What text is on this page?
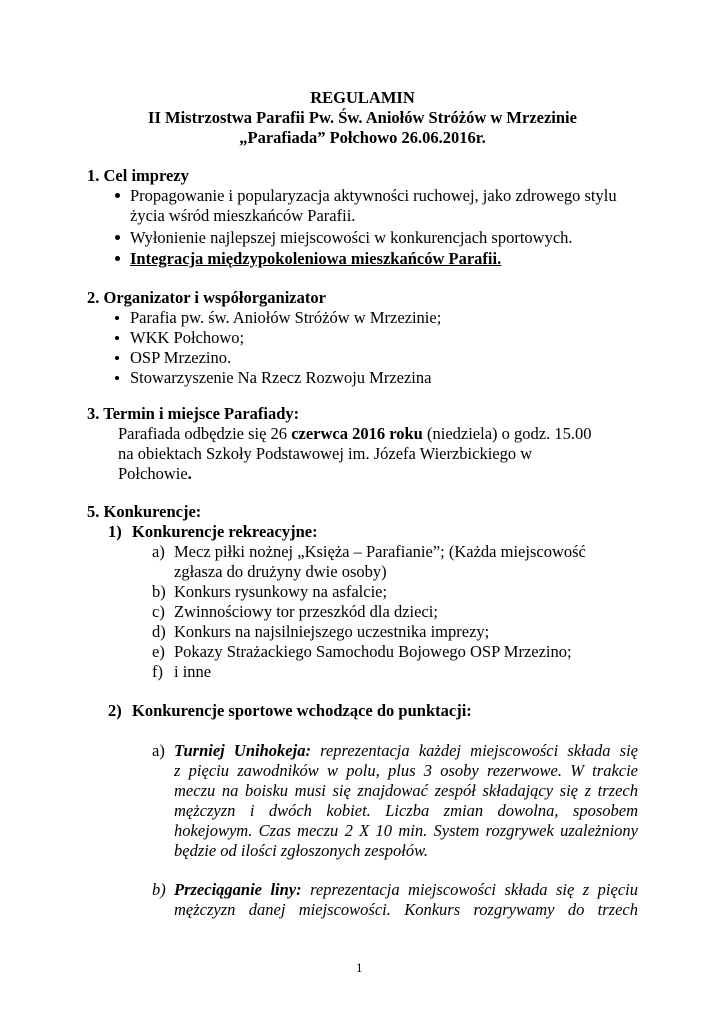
REGULAMIN
II Mistrzostwa Parafii Pw. Św. Aniołów Stróżów w Mrzezinie
„Parafiada” Połchowo 26.06.2016r.
1. Cel imprezy
Propagowanie i popularyzacja aktywności ruchowej, jako zdrowego stylu
życia wśród mieszkańców Parafii.
Wyłonienie najlepszej miejscowości w konkurencjach sportowych.
Integracja międzypokoleniowa mieszkańców Parafii.
2. Organizator i współorganizator
Parafia pw. św. Aniołów Stróżów w Mrzezinie;
WKK Połchowo;
OSP Mrzezino.
Stowarzyszenie Na Rzecz Rozwoju Mrzezina
3. Termin i miejsce Parafiady:
Parafiada odbędzie się 26 czerwca 2016 roku (niedziela) o godz. 15.00
na obiektach Szkoły Podstawowej im. Józefa Wierzbickiego w
Połchowie.
5. Konkurencje:
1) Konkurencje rekreacyjne:
a) Mecz piłki nożnej „Księża – Parafianie”; (Każda miejscowość
zgłasza do drużyny dwie osoby)
b) Konkurs rysunkowy na asfalcie;
c) Zwinnościowy tor przeszkód dla dzieci;
d) Konkurs na najsilniejszego uczestnika imprezy;
e) Pokazy Strażackiego Samochodu Bojowego OSP Mrzezino;
f) i inne
2) Konkurencje sportowe wchodzące do punktacji:
a) Turniej Unihokeja: reprezentacja każdej miejscowości składa się
z pięciu zawodników w polu, plus 3 osoby rezerwowe. W trakcie
meczu na boisku musi się znajdować zespół składający się z trzech
mężczyzn i dwóch kobiet. Liczba zmian dowolna, sposobem
hokejowym. Czas meczu 2 X 10 min. System rozgrywek uzależniony
będzie od ilości zgłoszonych zespołów.
b) Przeciąganie liny: reprezentacja miejscowości składa się z pięciu
mężczyzn danej miejscowości. Konkurs rozgrywamy do trzech
1
